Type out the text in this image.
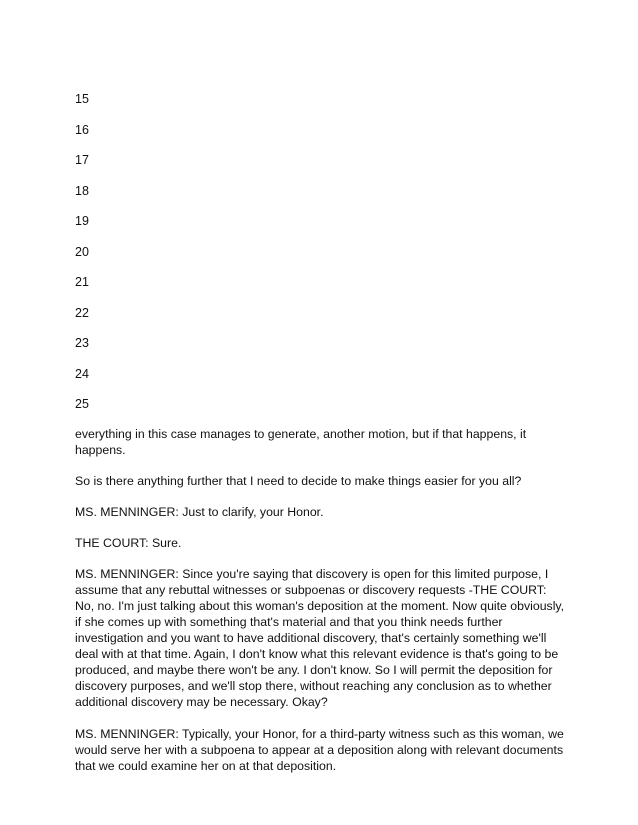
15
16
17
18
19
20
21
22
23
24
25

everything in this case manages to generate, another motion, but if that happens, it happens.

So is there anything further that I need to decide to make things easier for you all?

MS. MENNINGER: Just to clarify, your Honor.

THE COURT: Sure.

MS. MENNINGER: Since you're saying that discovery is open for this limited purpose, I assume that any rebuttal witnesses or subpoenas or discovery requests -THE COURT: No, no. I'm just talking about this woman's deposition at the moment. Now quite obviously, if she comes up with something that's material and that you think needs further investigation and you want to have additional discovery, that's certainly something we'll deal with at that time. Again, I don't know what this relevant evidence is that's going to be produced, and maybe there won't be any. I don't know. So I will permit the deposition for discovery purposes, and we'll stop there, without reaching any conclusion as to whether additional discovery may be necessary. Okay?

MS. MENNINGER: Typically, your Honor, for a third-party witness such as this woman, we would serve her with a subpoena to appear at a deposition along with relevant documents that we could examine her on at that deposition.
